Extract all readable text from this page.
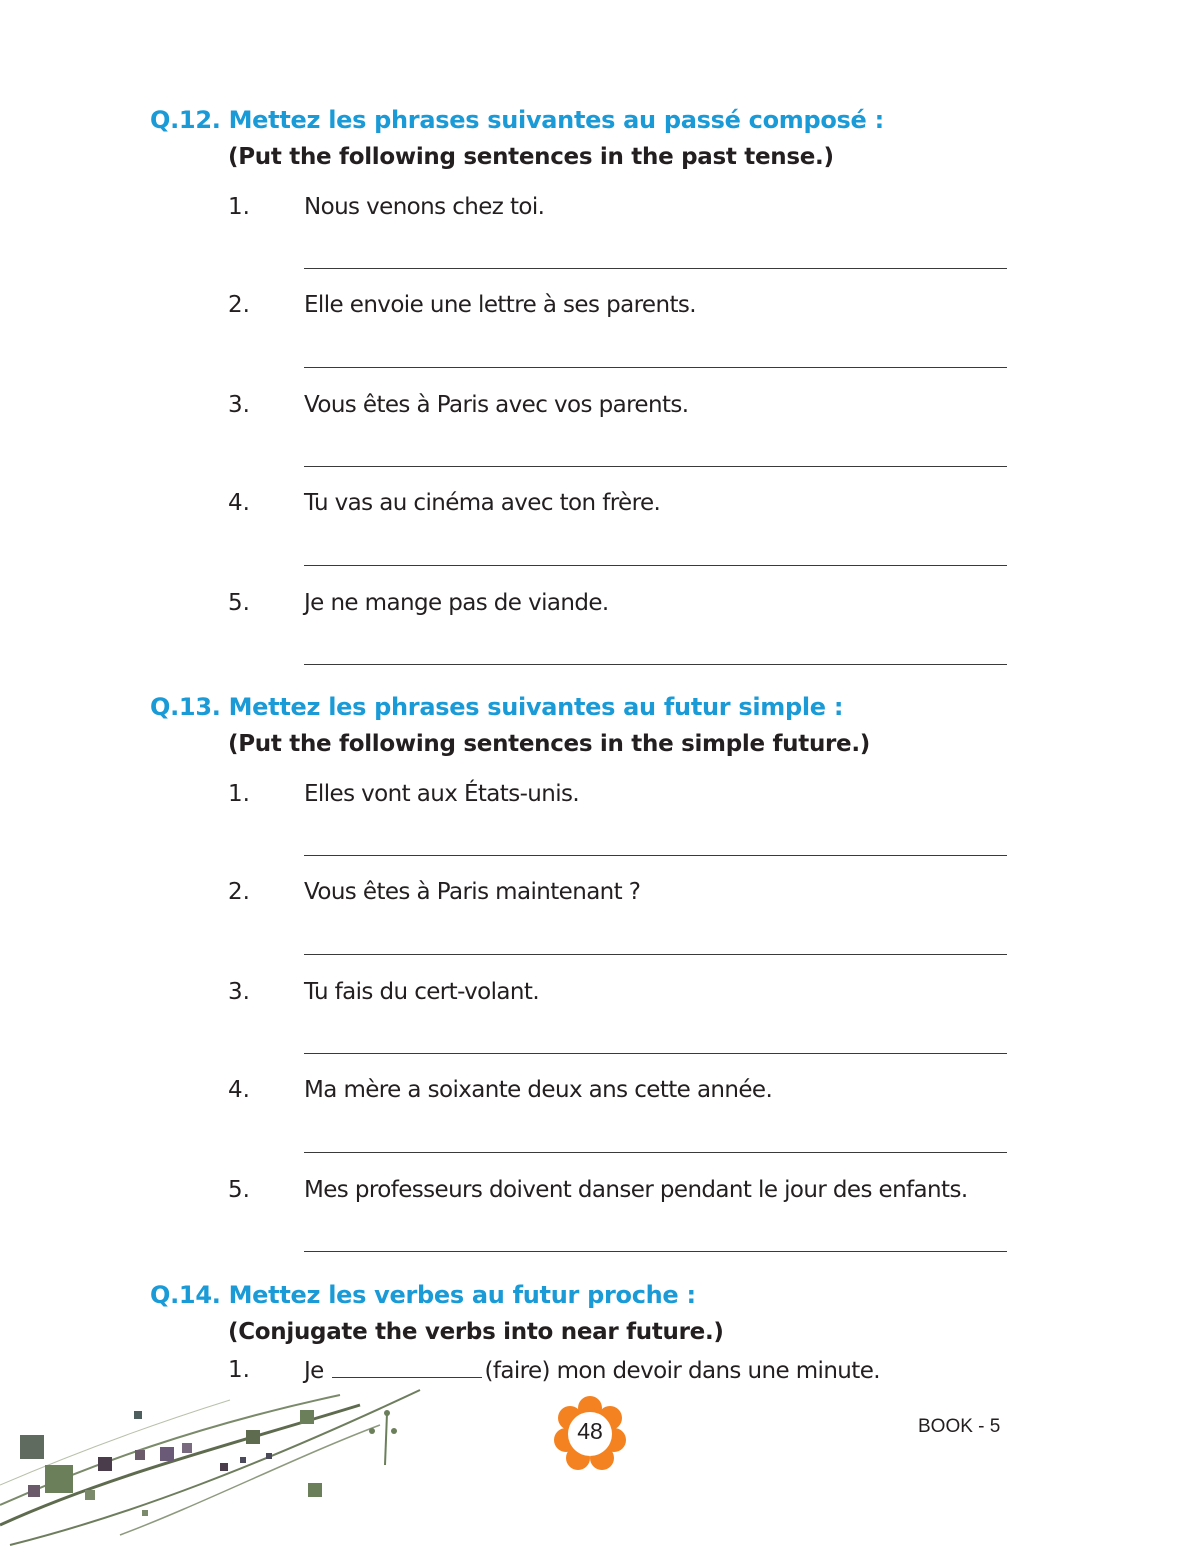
Q.12. Mettez les phrases suivantes au passé composé :
(Put the following sentences in the past tense.)
1. Nous venons chez toi.
2. Elle envoie une lettre à ses parents.
3. Vous êtes à Paris avec vos parents.
4. Tu vas au cinéma avec ton frère.
5. Je ne mange pas de viande.
Q.13. Mettez les phrases suivantes au futur simple :
(Put the following sentences in the simple future.)
1. Elles vont aux États-unis.
2. Vous êtes à Paris maintenant ?
3. Tu fais du cert-volant.
4. Ma mère a soixante deux ans cette année.
5. Mes professeurs doivent danser pendant le jour des enfants.
Q.14. Mettez les verbes au futur proche :
(Conjugate the verbs into near future.)
1. Je	(faire) mon devoir dans une minute.
48	BOOK - 5
